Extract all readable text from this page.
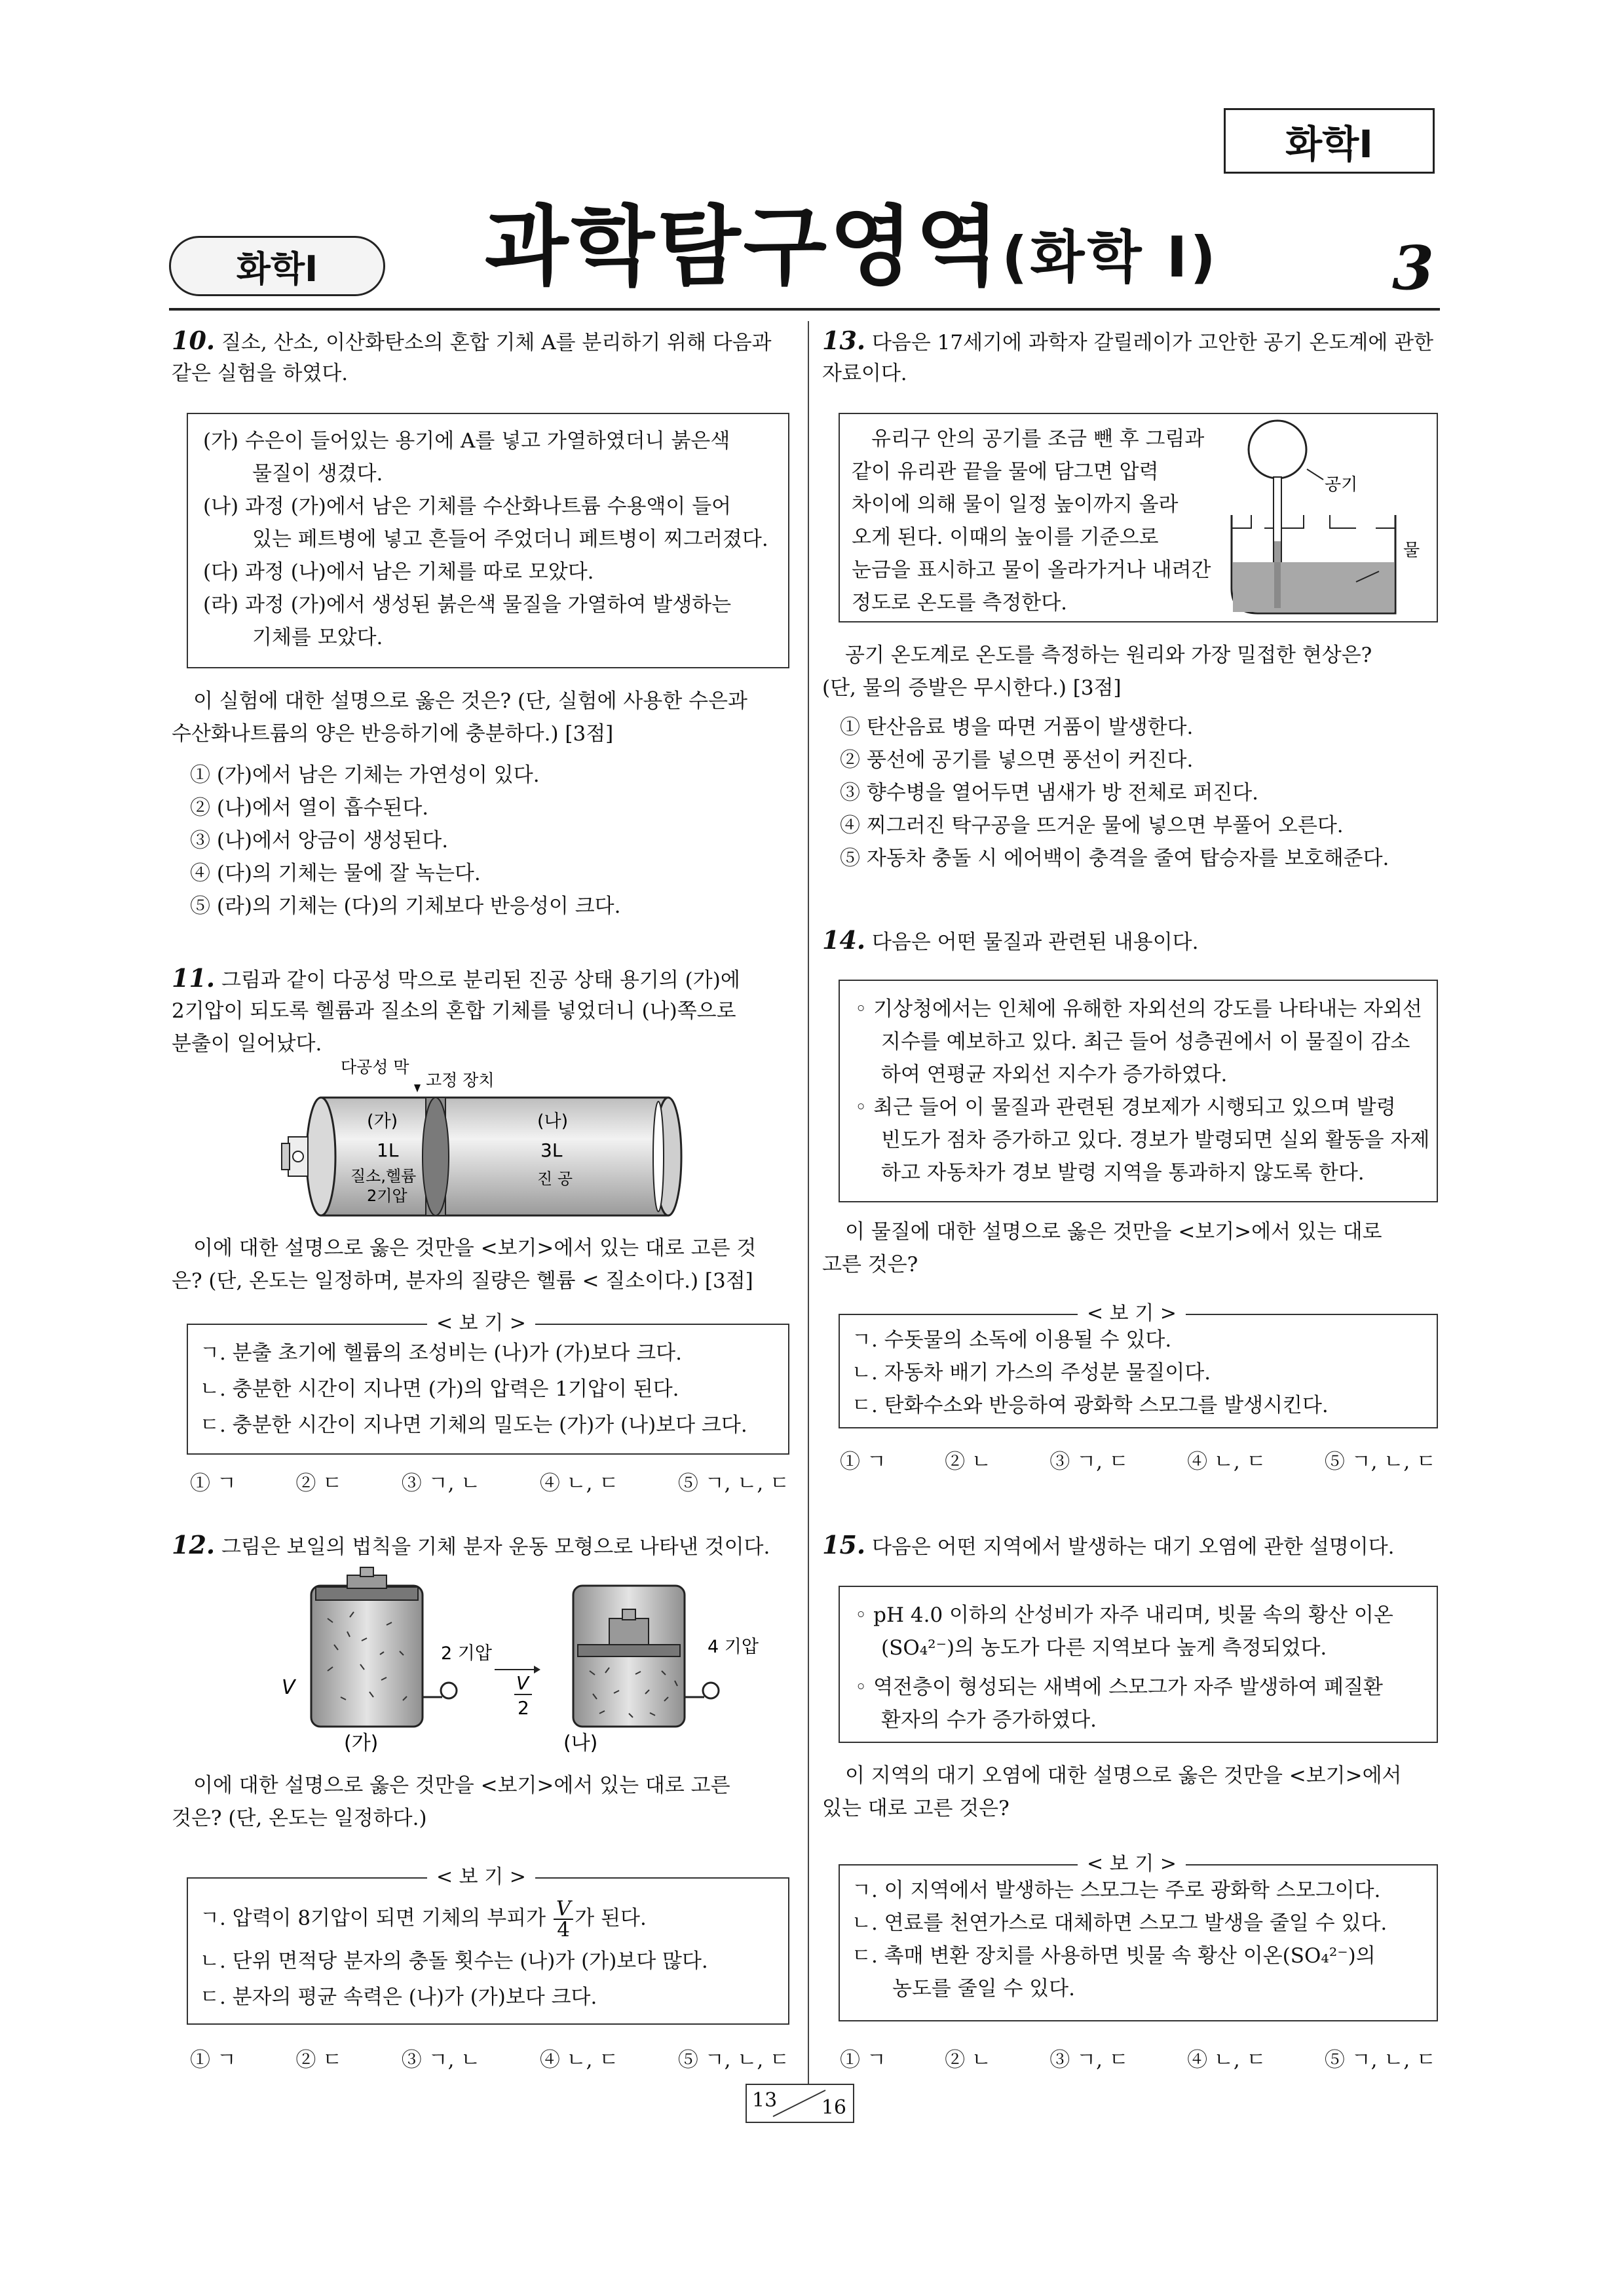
화학Ⅰ
화학Ⅰ	과학탐구영역(화학 Ⅰ)	3
10. 질소, 산소, 이산화탄소의 혼합 기체 A를 분리하기 위해 다음과
같은 실험을 하였다.
(가) 수은이 들어있는 용기에 A를 넣고 가열하였더니 붉은색
물질이 생겼다.
(나) 과정 (가)에서 남은 기체를 수산화나트륨 수용액이 들어
있는 페트병에 넣고 흔들어 주었더니 페트병이 찌그러졌다.
(다) 과정 (나)에서 남은 기체를 따로 모았다.
(라) 과정 (가)에서 생성된 붉은색 물질을 가열하여 발생하는
기체를 모았다.
이 실험에 대한 설명으로 옳은 것은? (단, 실험에 사용한 수은과
수산화나트륨의 양은 반응하기에 충분하다.) [3점]
① (가)에서 남은 기체는 가연성이 있다.
② (나)에서 열이 흡수된다.
③ (나)에서 앙금이 생성된다.
④ (다)의 기체는 물에 잘 녹는다.
⑤ (라)의 기체는 (다)의 기체보다 반응성이 크다.
11. 그림과 같이 다공성 막으로 분리된 진공 상태 용기의 (가)에
2기압이 되도록 헬륨과 질소의 혼합 기체를 넣었더니 (나)쪽으로
분출이 일어났다.
다공성 막
고정 장치
(가)	(나)
1L	3L
질소,헬륨
2기압
진 공
이에 대한 설명으로 옳은 것만을 <보기>에서 있는 대로 고른 것
은? (단, 온도는 일정하며, 분자의 질량은 헬륨 < 질소이다.) [3점]
< 보 기 >
ㄱ. 분출 초기에 헬륨의 조성비는 (나)가 (가)보다 크다.
ㄴ. 충분한 시간이 지나면 (가)의 압력은 1기압이 된다.
ㄷ. 충분한 시간이 지나면 기체의 밀도는 (가)가 (나)보다 크다.
① ㄱ	② ㄷ	③ ㄱ, ㄴ	④ ㄴ, ㄷ	⑤ ㄱ, ㄴ, ㄷ
12. 그림은 보일의 법칙을 기체 분자 운동 모형으로 나타낸 것이다.
V
2 기압	4 기압
V
2
(가)	(나)
이에 대한 설명으로 옳은 것만을 <보기>에서 있는 대로 고른
것은? (단, 온도는 일정하다.)
< 보 기 >
ㄱ. 압력이 8기압이 되면 기체의 부피가 $\frac{V}{4}$ 가 된다.
ㄴ. 단위 면적당 분자의 충돌 횟수는 (나)가 (가)보다 많다.
ㄷ. 분자의 평균 속력은 (나)가 (가)보다 크다.
① ㄱ	② ㄷ	③ ㄱ, ㄴ	④ ㄴ, ㄷ	⑤ ㄱ, ㄴ, ㄷ
13. 다음은 17세기에 과학자 갈릴레이가 고안한 공기 온도계에 관한
자료이다.
유리구 안의 공기를 조금 뺀 후 그림과
같이 유리관 끝을 물에 담그면 압력
차이에 의해 물이 일정 높이까지 올라
오게 된다. 이때의 높이를 기준으로
눈금을 표시하고 물이 올라가거나 내려간
정도로 온도를 측정한다.
공기
물
공기 온도계로 온도를 측정하는 원리와 가장 밀접한 현상은?
(단, 물의 증발은 무시한다.) [3점]
① 탄산음료 병을 따면 거품이 발생한다.
② 풍선에 공기를 넣으면 풍선이 커진다.
③ 향수병을 열어두면 냄새가 방 전체로 퍼진다.
④ 찌그러진 탁구공을 뜨거운 물에 넣으면 부풀어 오른다.
⑤ 자동차 충돌 시 에어백이 충격을 줄여 탑승자를 보호해준다.
14. 다음은 어떤 물질과 관련된 내용이다.
◦ 기상청에서는 인체에 유해한 자외선의 강도를 나타내는 자외선
지수를 예보하고 있다. 최근 들어 성층권에서 이 물질이 감소
하여 연평균 자외선 지수가 증가하였다.
◦ 최근 들어 이 물질과 관련된 경보제가 시행되고 있으며 발령
빈도가 점차 증가하고 있다. 경보가 발령되면 실외 활동을 자제
하고 자동차가 경보 발령 지역을 통과하지 않도록 한다.
이 물질에 대한 설명으로 옳은 것만을 <보기>에서 있는 대로
고른 것은?
< 보 기 >
ㄱ. 수돗물의 소독에 이용될 수 있다.
ㄴ. 자동차 배기 가스의 주성분 물질이다.
ㄷ. 탄화수소와 반응하여 광화학 스모그를 발생시킨다.
① ㄱ	② ㄴ	③ ㄱ, ㄷ	④ ㄴ, ㄷ	⑤ ㄱ, ㄴ, ㄷ
15. 다음은 어떤 지역에서 발생하는 대기 오염에 관한 설명이다.
◦ pH 4.0 이하의 산성비가 자주 내리며, 빗물 속의 황산 이온
(SO₄²⁻)의 농도가 다른 지역보다 높게 측정되었다.
◦ 역전층이 형성되는 새벽에 스모그가 자주 발생하여 폐질환
환자의 수가 증가하였다.
이 지역의 대기 오염에 대한 설명으로 옳은 것만을 <보기>에서
있는 대로 고른 것은?
< 보 기 >
ㄱ. 이 지역에서 발생하는 스모그는 주로 광화학 스모그이다.
ㄴ. 연료를 천연가스로 대체하면 스모그 발생을 줄일 수 있다.
ㄷ. 촉매 변환 장치를 사용하면 빗물 속 황산 이온(SO₄²⁻)의
농도를 줄일 수 있다.
① ㄱ	② ㄴ	③ ㄱ, ㄷ	④ ㄴ, ㄷ	⑤ ㄱ, ㄴ, ㄷ
13 16
